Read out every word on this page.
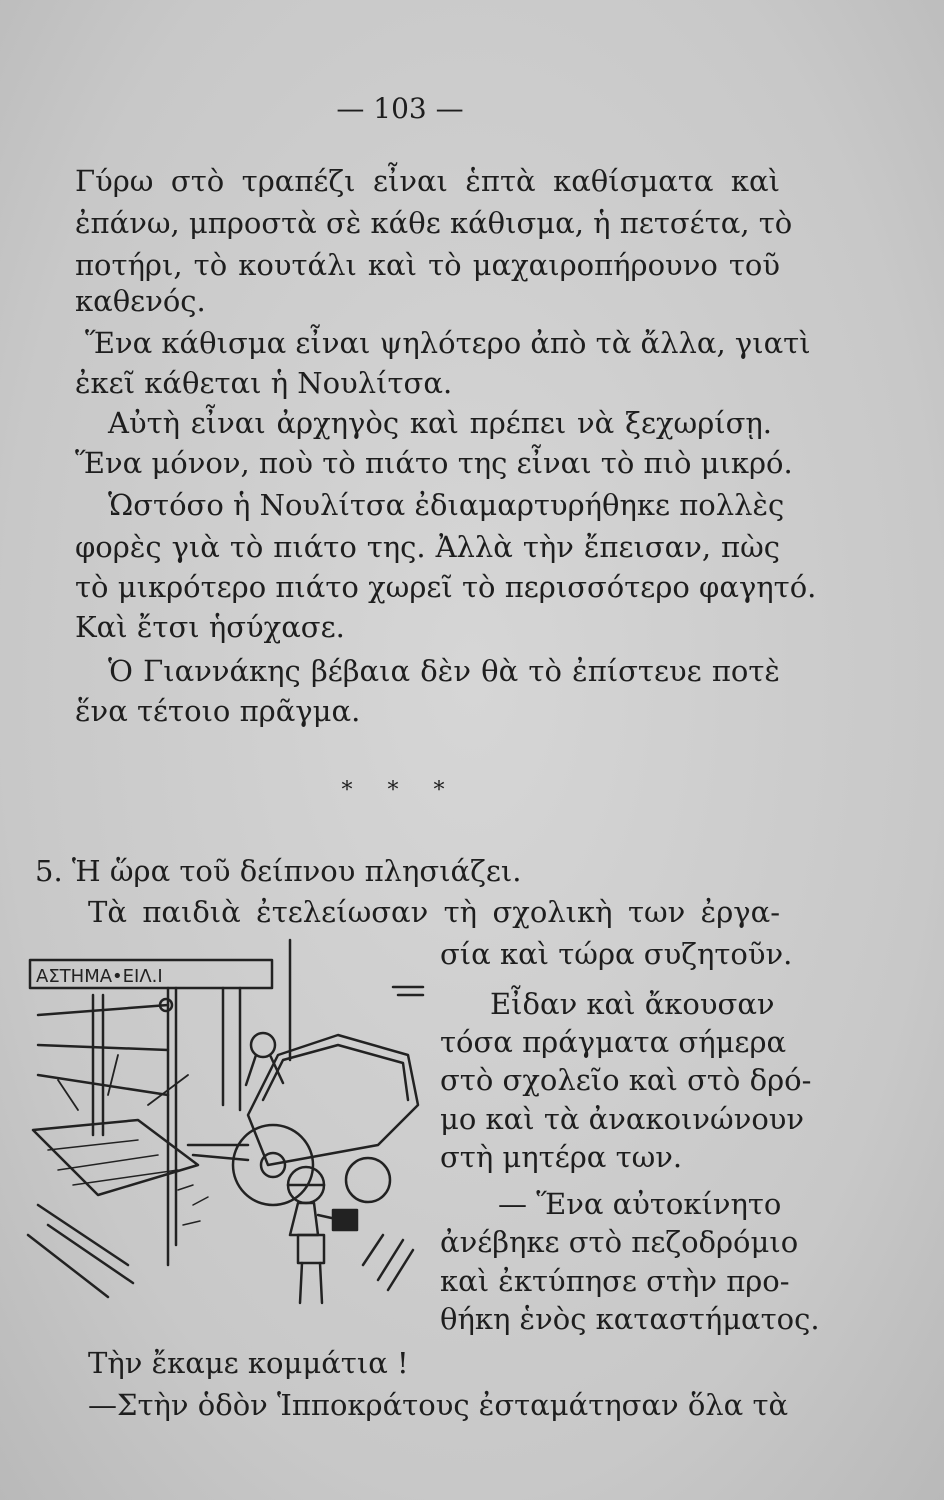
— 103 —
Γύρω στὸ τραπέζι εἶναι ἑπτὰ καθίσματα καὶ
ἐπάνω, μπροστὰ σὲ κάθε κάθισμα, ἡ πετσέτα, τὸ
ποτήρι, τὸ κουτάλι καὶ τὸ μαχαιροπήρουνο τοῦ
καθενός.
Ἕνα κάθισμα εἶναι ψηλότερο ἀπὸ τὰ ἄλλα, γιατὶ
ἐκεῖ κάθεται ἡ Νουλίτσα.
Αὐτὴ εἶναι ἀρχηγὸς καὶ πρέπει νὰ ξεχωρίσῃ.
Ἕνα μόνον, ποὺ τὸ πιάτο της εἶναι τὸ πιὸ μικρό.
Ὡστόσο ἡ Νουλίτσα ἐδιαμαρτυρήθηκε πολλὲς
φορὲς γιὰ τὸ πιάτο της. Ἀλλὰ τὴν ἔπεισαν, πὼς
τὸ μικρότερο πιάτο χωρεῖ τὸ περισσότερο φαγητό.
Καὶ ἔτσι ἡσύχασε.
Ὁ Γιαννάκης βέβαια δὲν θὰ τὸ ἐπίστευε ποτὲ
ἕνα τέτοιο πρᾶγμα.
* * *
5. Ἡ ὥρα τοῦ δείπνου πλησιάζει.
Τὰ παιδιὰ ἐτελείωσαν τὴ σχολικὴ των ἐργα-
σία καὶ τώρα συζητοῦν.
Εἶδαν καὶ ἄκουσαν
τόσα πράγματα σήμερα
στὸ σχολεῖο καὶ στὸ δρό-
μο καὶ τὰ ἀνακοινώνουν
στὴ μητέρα των.
— Ἕνα αὐτοκίνητο
ἀνέβηκε στὸ πεζοδρόμιο
καὶ ἐκτύπησε στὴν προ-
θήκη ἑνὸς καταστήματος.
ΑΣΤΗΜΑ•ΕΙΛ.Ι
Τὴν ἔκαμε κομμάτια !
—Στὴν ὁδὸν Ἱπποκράτους ἐσταμάτησαν ὅλα τὰ
